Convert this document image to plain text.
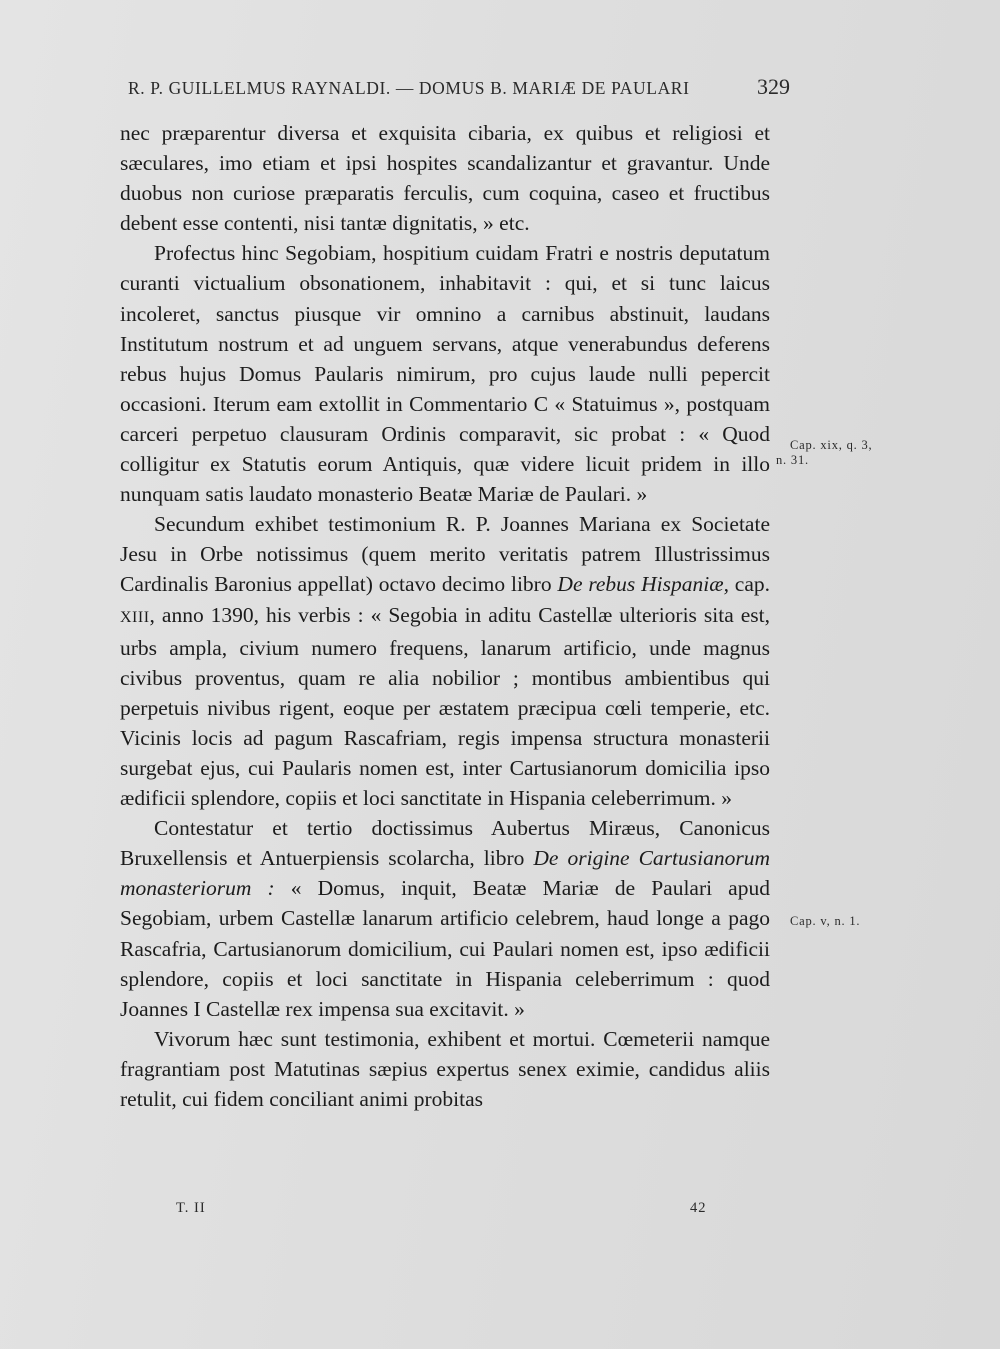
R. P. GUILLELMUS RAYNALDI. — DOMUS B. MARIÆ DE PAULARI	329

nec præparentur diversa et exquisita cibaria, ex quibus et religiosi et sæculares, imo etiam et ipsi hospites scandalizantur et gravantur. Unde duobus non curiose præparatis ferculis, cum coquina, caseo et fructibus debent esse contenti, nisi tantæ dignitatis, » etc.

Profectus hinc Segobiam, hospitium cuidam Fratri e nostris deputatum curanti victualium obsonationem, inhabitavit : qui, et si tunc laicus incoleret, sanctus piusque vir omnino a carnibus abstinuit, laudans Institutum nostrum et ad unguem servans, atque venerabundus deferens rebus hujus Domus Paularis nimirum, pro cujus laude nulli pepercit occasioni. Iterum eam extollit in Commentario C « Statuimus », postquam carceri perpetuo clausuram Ordinis comparavit, sic probat : « Quod colligitur ex Statutis eorum Antiquis, quæ videre licuit pridem in illo nunquam satis laudato monasterio Beatæ Mariæ de Paulari. »

Secundum exhibet testimonium R. P. Joannes Mariana ex Societate Jesu in Orbe notissimus (quem merito veritatis patrem Illustrissimus Cardinalis Baronius appellat) octavo decimo libro De rebus Hispaniæ, cap. XIII, anno 1390, his verbis : « Segobia in aditu Castellæ ulterioris sita est, urbs ampla, civium numero frequens, lanarum artificio, unde magnus civibus proventus, quam re alia nobilior ; montibus ambientibus qui perpetuis nivibus rigent, eoque per æstatem præcipua cœli temperie, etc. Vicinis locis ad pagum Rascafriam, regis impensa structura monasterii surgebat ejus, cui Paularis nomen est, inter Cartusianorum domicilia ipso ædificii splendore, copiis et loci sanctitate in Hispania celeberrimum. »

Contestatur et tertio doctissimus Aubertus Miræus, Canonicus Bruxellensis et Antuerpiensis scolarcha, libro De origine Cartusianorum monasteriorum : « Domus, inquit, Beatæ Mariæ de Paulari apud Segobiam, urbem Castellæ lanarum artificio celebrem, haud longe a pago Rascafria, Cartusianorum domicilium, cui Paulari nomen est, ipso ædificii splendore, copiis et loci sanctitate in Hispania celeberrimum : quod Joannes I Castellæ rex impensa sua excitavit. »

Vivorum hæc sunt testimonia, exhibent et mortui. Cœmeterii namque fragrantiam post Matutinas sæpius expertus senex eximie, candidus aliis retulit, cui fidem conciliant animi probitas

Cap. xix, q. 3,
n. 31.
Cap. v, n. 1.
T. II	42
